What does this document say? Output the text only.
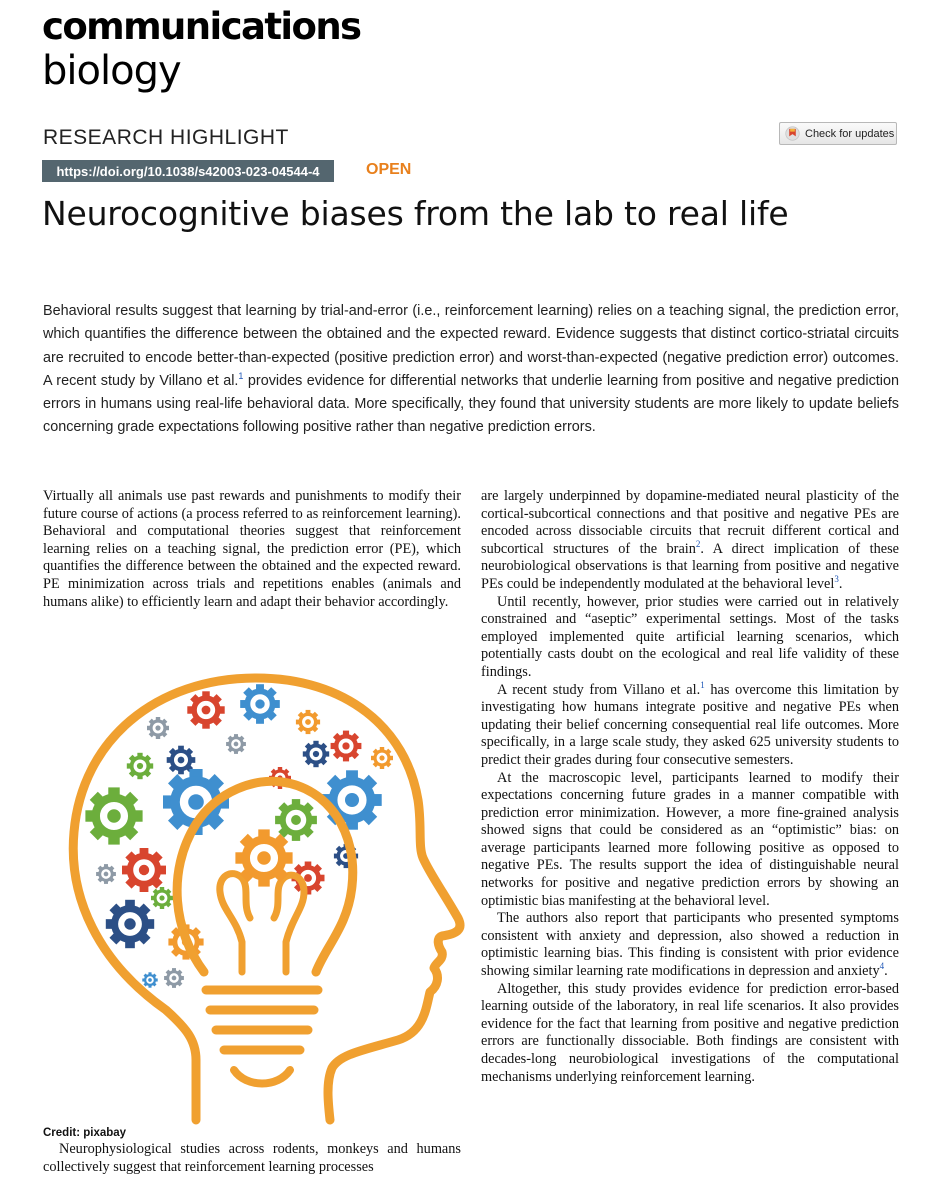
communications
biology
RESEARCH HIGHLIGHT	Check for updates
https://doi.org/10.1038/s42003-023-04544-4	OPEN
Neurocognitive biases from the lab to real life

Behavioral results suggest that learning by trial-and-error (i.e., reinforcement learning) relies on a teaching signal, the prediction error, which quantifies the difference between the obtained and the expected reward. Evidence suggests that distinct cortico-striatal circuits are recruited to encode better-than-expected (positive prediction error) and worst-than-expected (negative prediction error) outcomes. A recent study by Villano et al.$^1$ provides evidence for differential networks that underlie learning from positive and negative prediction errors in humans using real-life behavioral data. More specifically, they found that university students are more likely to update beliefs concerning grade expectations following positive rather than negative prediction errors.

Virtually all animals use past rewards and punishments to modify their future course of actions (a process referred to as reinforcement learning). Behavioral and computational theories suggest that reinforcement learning relies on a teaching signal, the prediction error (PE), which quantifies the difference between the obtained and the expected reward. PE minimization across trials and repetitions enables (animals and humans alike) to efficiently learn and adapt their behavior accordingly.

Credit: pixabay

Neurophysiological studies across rodents, monkeys and humans collectively suggest that reinforcement learning processes

are largely underpinned by dopamine-mediated neural plasticity of the cortical-subcortical connections and that positive and negative PEs are encoded across dissociable circuits that recruit different cortical and subcortical structures of the brain$^2$. A direct implication of these neurobiological observations is that learning from positive and negative PEs could be independently modulated at the behavioral level$^3$.

Until recently, however, prior studies were carried out in relatively constrained and “aseptic” experimental settings. Most of the tasks employed implemented quite artificial learning scenarios, which potentially casts doubt on the ecological and real life validity of these findings.

A recent study from Villano et al.$^1$ has overcome this limitation by investigating how humans integrate positive and negative PEs when updating their belief concerning consequential real life outcomes. More specifically, in a large scale study, they asked 625 university students to predict their grades during four consecutive semesters.

At the macroscopic level, participants learned to modify their expectations concerning future grades in a manner compatible with prediction error minimization. However, a more fine-grained analysis showed signs that could be considered as an “optimistic” bias: on average participants learned more following positive as opposed to negative PEs. The results support the idea of distinguishable neural networks for positive and negative prediction errors by showing an optimistic bias manifesting at the behavioral level.

The authors also report that participants who presented symptoms consistent with anxiety and depression, also showed a reduction in optimistic learning bias. This finding is consistent with prior evidence showing similar learning rate modifications in depression and anxiety$^4$.

Altogether, this study provides evidence for prediction error-based learning outside of the laboratory, in real life scenarios. It also provides evidence for the fact that learning from positive and negative prediction errors are functionally dissociable. Both findings are consistent with decades-long neurobiological investigations of the computational mechanisms underlying reinforcement learning.
